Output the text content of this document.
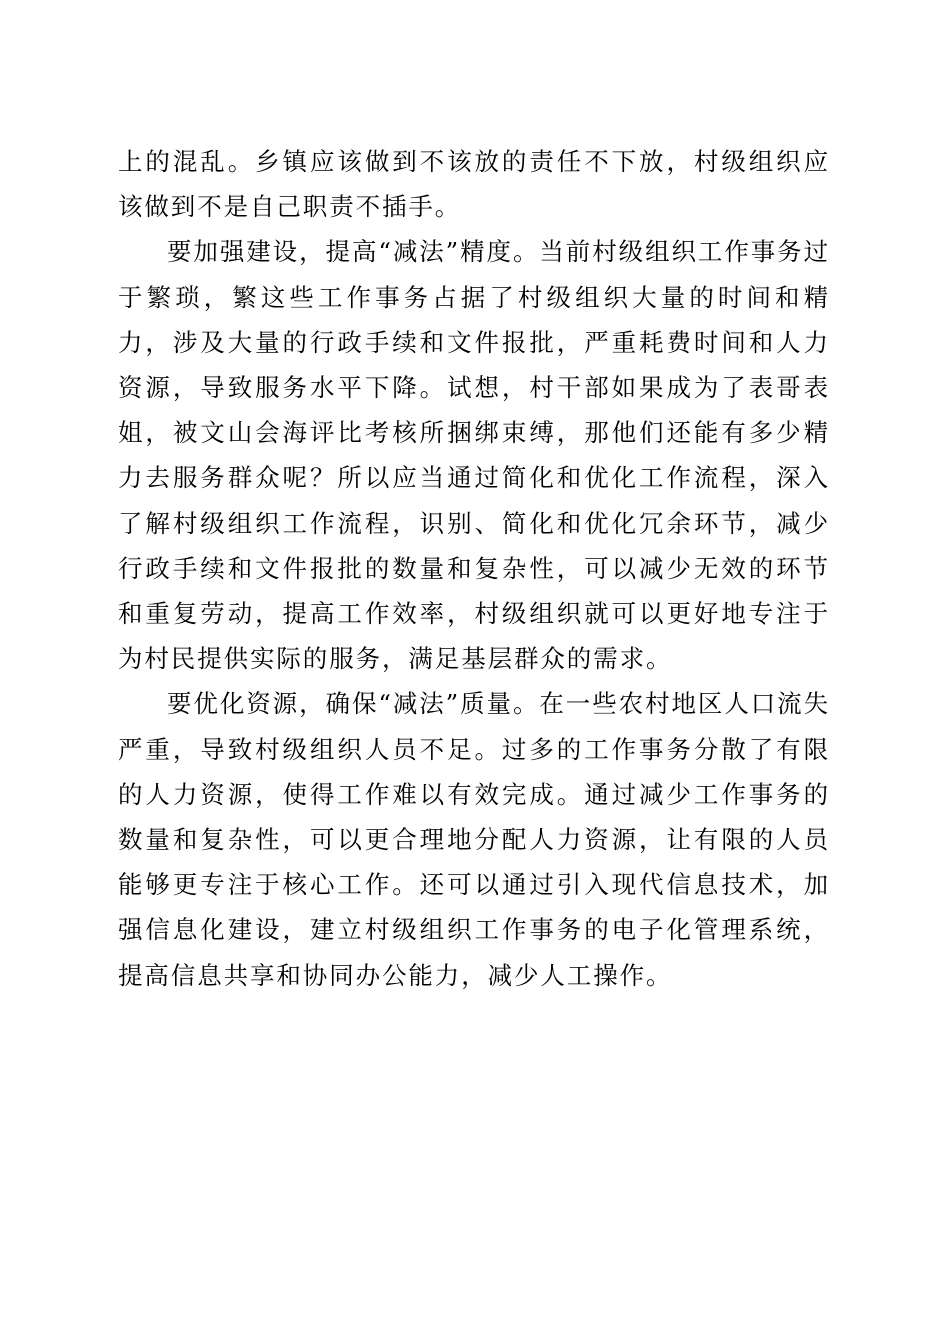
上的混乱。乡镇应该做到不该放的责任不下放，村级组织应该做到不是自己职责不插手。

要加强建设，提高“减法”精度。当前村级组织工作事务过于繁琐，繁这些工作事务占据了村级组织大量的时间和精力，涉及大量的行政手续和文件报批，严重耗费时间和人力资源，导致服务水平下降。试想，村干部如果成为了表哥表姐，被文山会海评比考核所捆绑束缚，那他们还能有多少精力去服务群众呢？所以应当通过简化和优化工作流程，深入了解村级组织工作流程，识别、简化和优化冗余环节，减少行政手续和文件报批的数量和复杂性，可以减少无效的环节和重复劳动，提高工作效率，村级组织就可以更好地专注于为村民提供实际的服务，满足基层群众的需求。

要优化资源，确保“减法”质量。在一些农村地区人口流失严重，导致村级组织人员不足。过多的工作事务分散了有限的人力资源，使得工作难以有效完成。通过减少工作事务的数量和复杂性，可以更合理地分配人力资源，让有限的人员能够更专注于核心工作。还可以通过引入现代信息技术，加强信息化建设，建立村级组织工作事务的电子化管理系统，提高信息共享和协同办公能力，减少人工操作。
